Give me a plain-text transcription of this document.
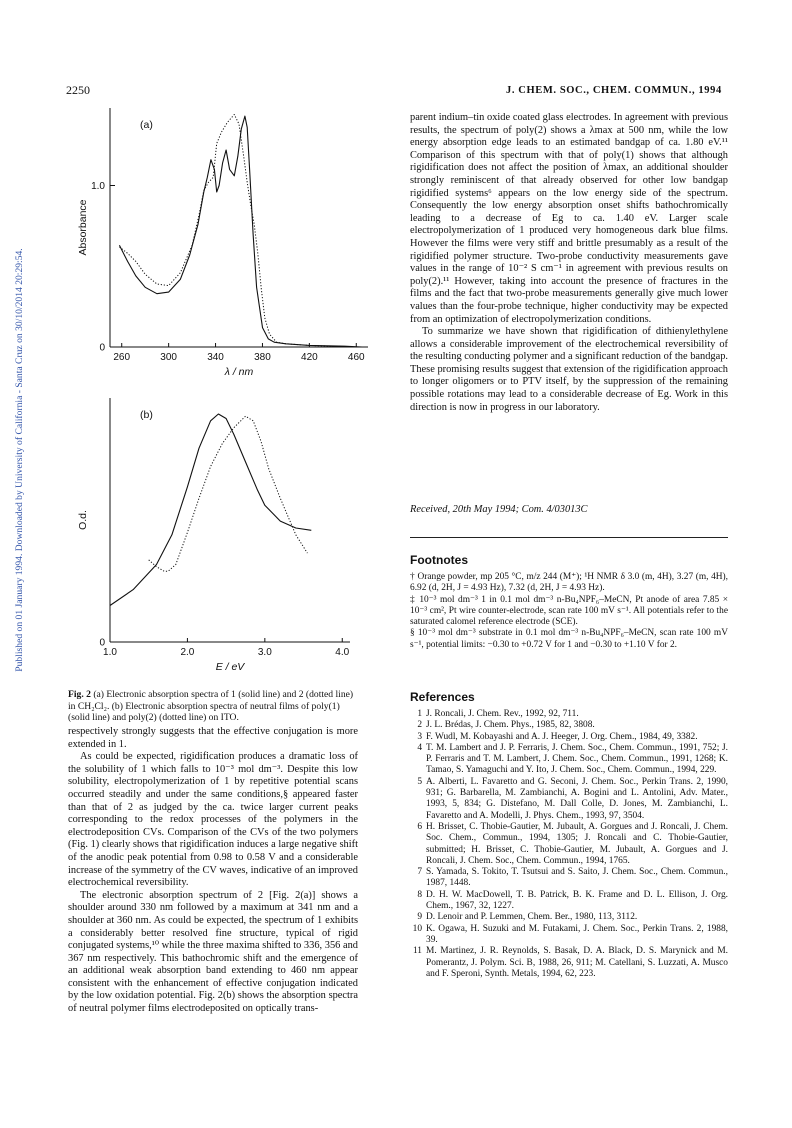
Published on 01 January 1994. Downloaded by University of California - Santa Cruz on 30/10/2014 20:29:54.
2250	J. CHEM. SOC., CHEM. COMMUN., 1994
260	300	340	380	420	460
0
1.0
(a)
λ / nm
Absorbance
1.0	2.0	3.0	4.0
0
(b)
E / eV
O.d.
Fig. 2 (a) Electronic absorption spectra of 1 (solid line) and 2 (dotted line) in CH₂Cl₂. (b) Electronic absorption spectra of neutral films of poly(1) (solid line) and poly(2) (dotted line) on ITO.

respectively strongly suggests that the effective conjugation is more extended in 1.

As could be expected, rigidification produces a dramatic loss of the solubility of 1 which falls to 10⁻³ mol dm⁻³. Despite this low solubility, electropolymerization of 1 by repetitive potential scans occurred steadily and under the same conditions,§ appeared faster than that of 2 as judged by the ca. twice larger current peaks corresponding to the redox processes of the polymers in the electrodeposition CVs. Comparison of the CVs of the two polymers (Fig. 1) clearly shows that rigidification induces a large negative shift of the anodic peak potential from 0.98 to 0.58 V and a considerable increase of the symmetry of the CV waves, indicative of an improved electrochemical reversibility.

The electronic absorption spectrum of 2 [Fig. 2(a)] shows a shoulder around 330 nm followed by a maximum at 341 nm and a shoulder at 360 nm. As could be expected, the spectrum of 1 exhibits a considerably better resolved fine structure, typical of rigid conjugated systems,¹⁰ while the three maxima shifted to 336, 356 and 367 nm respectively. This bathochromic shift and the emergence of an additional weak absorption band extending to 460 nm appear consistent with the enhancement of effective conjugation indicated by the low oxidation potential. Fig. 2(b) shows the absorption spectra of neutral polymer films electrodeposited on optically trans-

parent indium–tin oxide coated glass electrodes. In agreement with previous results, the spectrum of poly(2) shows a λmax at 500 nm, while the low energy absorption edge leads to an estimated bandgap of ca. 1.80 eV.¹¹ Comparison of this spectrum with that of poly(1) shows that although rigidification does not affect the position of λmax, an additional shoulder strongly reminiscent of that already observed for other low bandgap rigidified systems⁶ appears on the low energy side of the spectrum. Consequently the low energy absorption onset shifts bathochromically leading to a decrease of Eg to ca. 1.40 eV. Larger scale electropolymerization of 1 produced very homogeneous dark blue films. However the films were very stiff and brittle presumably as a result of the rigidified polymer structure. Two-probe conductivity measurements gave values in the range of 10⁻² S cm⁻¹ in agreement with previous results on poly(2).¹¹ However, taking into account the presence of fractures in the films and the fact that two-probe measurements generally give much lower values than the four-probe technique, higher conductivity may be expected from an optimization of electropolymerization conditions.

To summarize we have shown that rigidification of dithienylethylene allows a considerable improvement of the electrochemical reversibility of the resulting conducting polymer and a significant reduction of the bandgap. These promising results suggest that extension of the rigidification approach to longer oligomers or to PTV itself, by the suppression of the remaining possible rotations may lead to a considerable decrease of Eg. Work in this direction is now in progress in our laboratory.

Received, 20th May 1994; Com. 4/03013C
Footnotes

† Orange powder, mp 205 °C, m/z 244 (M⁺); ¹H NMR δ 3.0 (m, 4H), 3.27 (m, 4H), 6.92 (d, 2H, J = 4.93 Hz), 7.32 (d, 2H, J = 4.93 Hz).

‡ 10⁻³ mol dm⁻³ 1 in 0.1 mol dm⁻³ n-Bu₄NPF₆–MeCN, Pt anode of area 7.85 × 10⁻³ cm², Pt wire counter-electrode, scan rate 100 mV s⁻¹. All potentials refer to the saturated calomel reference electrode (SCE).

§ 10⁻³ mol dm⁻³ substrate in 0.1 mol dm⁻³ n-Bu₄NPF₆–MeCN, scan rate 100 mV s⁻¹, potential limits: −0.30 to +0.72 V for 1 and −0.30 to +1.10 V for 2.

References
1 J. Roncali, J. Chem. Rev., 1992, 92, 711.
2 J. L. Brédas, J. Chem. Phys., 1985, 82, 3808.
3 F. Wudl, M. Kobayashi and A. J. Heeger, J. Org. Chem., 1984, 49, 3382.
4 T. M. Lambert and J. P. Ferraris, J. Chem. Soc., Chem. Commun., 1991, 752; J. P. Ferraris and T. M. Lambert, J. Chem. Soc., Chem. Commun., 1991, 1268; K. Tamao, S. Yamaguchi and Y. Ito, J. Chem. Soc., Chem. Commun., 1994, 229.
5 A. Alberti, L. Favaretto and G. Seconi, J. Chem. Soc., Perkin Trans. 2, 1990, 931; G. Barbarella, M. Zambianchi, A. Bogini and L. Antolini, Adv. Mater., 1993, 5, 834; G. Distefano, M. Dall Colle, D. Jones, M. Zambianchi, L. Favaretto and A. Modelli, J. Phys. Chem., 1993, 97, 3504.
6 H. Brisset, C. Thobie-Gautier, M. Jubault, A. Gorgues and J. Roncali, J. Chem. Soc. Chem., Commun., 1994, 1305; J. Roncali and C. Thobie-Gautier, submitted; H. Brisset, C. Thobie-Gautier, M. Jubault, A. Gorgues and J. Roncali, J. Chem. Soc., Chem. Commun., 1994, 1765.
7 S. Yamada, S. Tokito, T. Tsutsui and S. Saito, J. Chem. Soc., Chem. Commun., 1987, 1448.
8 D. H. W. MacDowell, T. B. Patrick, B. K. Frame and D. L. Ellison, J. Org. Chem., 1967, 32, 1227.
9 D. Lenoir and P. Lemmen, Chem. Ber., 1980, 113, 3112.
10 K. Ogawa, H. Suzuki and M. Futakami, J. Chem. Soc., Perkin Trans. 2, 1988, 39.
11 M. Martinez, J. R. Reynolds, S. Basak, D. A. Black, D. S. Marynick and M. Pomerantz, J. Polym. Sci. B, 1988, 26, 911; M. Catellani, S. Luzzati, A. Musco and F. Speroni, Synth. Metals, 1994, 62, 223.
